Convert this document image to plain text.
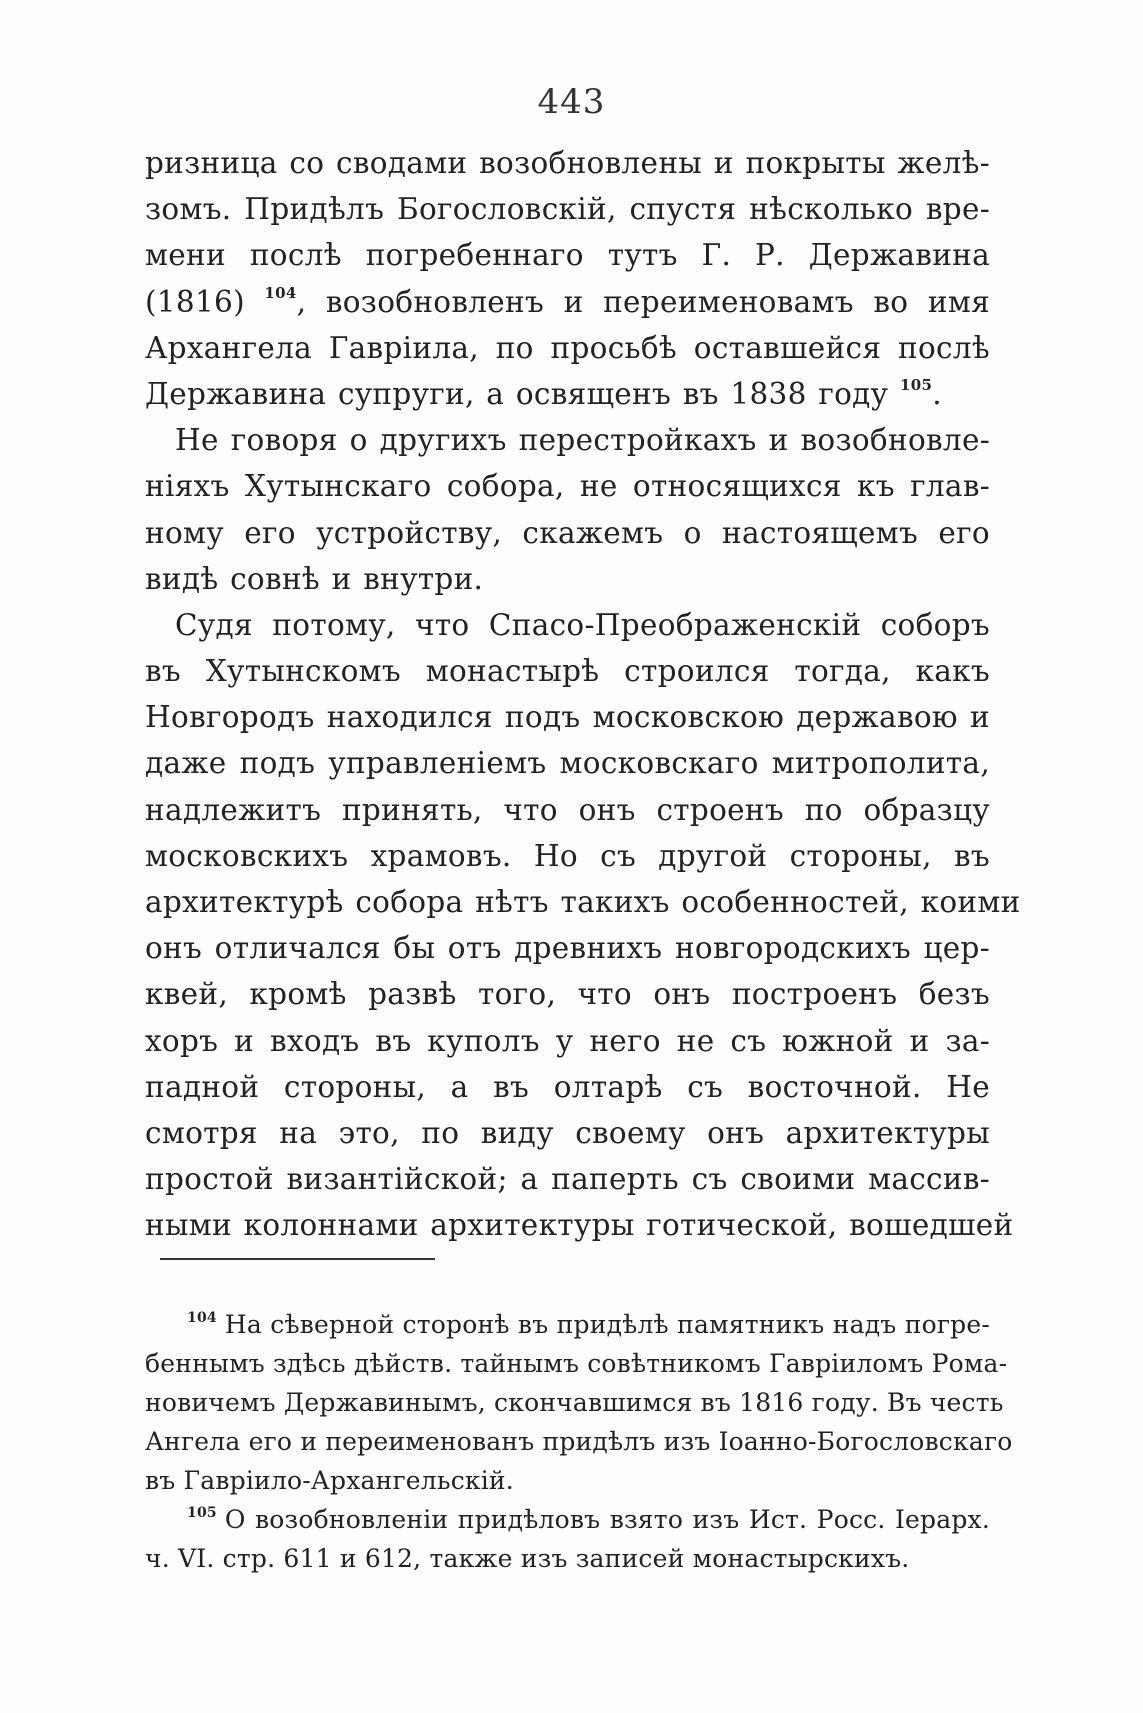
443
ризница со сводами возобновлены и покрыты желѣ-
зомъ. Придѣлъ Богословскій, спустя нѣсколько вре-
мени послѣ погребеннаго тутъ Г. Р. Державина
(1816) $^{104}$, возобновленъ и переименовамъ во имя
Архангела Гавріила, по просьбѣ оставшейся послѣ
Державина супруги, а освященъ въ 1838 году $^{105}$.
Не говоря о другихъ перестройкахъ и возобновле-
ніяхъ Хутынскаго собора, не относящихся къ глав-
ному его устройству, скажемъ о настоящемъ его
видѣ совнѣ и внутри.
Судя потому, что Спасо-Преображенскій соборъ
въ Хутынскомъ монастырѣ строился тогда, какъ
Новгородъ находился подъ московскою державою и
даже подъ управленіемъ московскаго митрополита,
надлежитъ принять, что онъ строенъ по образцу
московскихъ храмовъ. Но съ другой стороны, въ
архитектурѣ собора нѣтъ такихъ особенностей, коими
онъ отличался бы отъ древнихъ новгородскихъ цер-
квей, кромѣ развѣ того, что онъ построенъ безъ
хоръ и входъ въ куполъ у него не съ южной и за-
падной стороны, а въ олтарѣ съ восточной. Не
смотря на это, по виду своему онъ архитектуры
простой византійской; а паперть съ своими массив-
ными колоннами архитектуры готической, вошедшей
$^{104}$ На сѣверной сторонѣ въ придѣлѣ памятникъ надъ погре-
беннымъ здѣсь дѣйств. тайнымъ совѣтникомъ Гавріиломъ Рома-
новичемъ Державинымъ, скончавшимся въ 1816 году. Въ честь
Ангела его и переименованъ придѣлъ изъ Іоанно-Богословскаго
въ Гавріило-Архангельскій.
$^{105}$ О возобновленіи придѣловъ взято изъ Ист. Росс. Іерарх.
ч. VI. стр. 611 и 612, также изъ записей монастырскихъ.
